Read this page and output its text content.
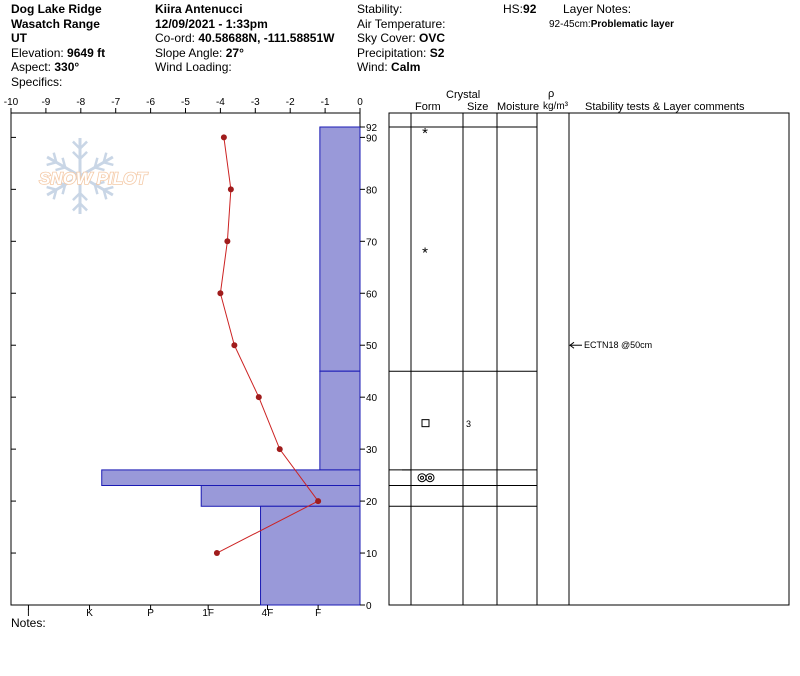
Dog Lake Ridge
Wasatch Range
UT
Elevation: 9649 ft
Aspect: 330°
Specifics:
Kiira Antenucci
12/09/2021 - 1:33pm
Co-ord: 40.58688N, -111.58851W
Slope Angle: 27°
Wind Loading:
Stability:
Air Temperature:
Sky Cover: OVC
Precipitation: S2
Wind: Calm
HS:92 Layer Notes:
92-45cm:Problematic layer
SNOW PILOT
-10 -9	-8	-7	-6	-5	-4	-3	-2	-1	0
0
10
20
30
40
50
60
70
80
90
92
I	K	P	1F	4F	F
*
*
3
ECTN18 @50cm
Crystal
Form Size Moisture
ρ
kg/m³ Stability tests & Layer comments
Notes:
